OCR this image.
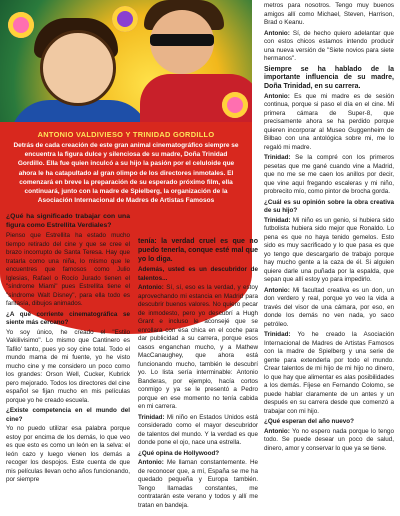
ANTONIO VALDIVIESO Y TRINIDAD GORDILLO

Detrás de cada creación de este gran animal cinematográfico siempre se encuentra la figura dulce y silenciosa de su madre, Doña Trinidad Gordillo. Ella fue quien inculcó a su hijo la pasión por el celuloide que ahora le ha catapultado al gran olimpo de los directores inmotales. El comenzará en breve la preparación de su esperado próximo film, ella continuará, junto con la madre de Spielberg, la organización de la Asociación Internacional de Madres de Artistas Famosos

¿Qué ha significado trabajar con una figura como Estrellita Verdiales?

Pienso que Estrellita ha estado mucho tiempo retirado del cine y que se cree el brazo incorrupto de Santa Teresa. Hay que tratarla como una niña, lo mismo que le encuentres que famosos como Julio Iglesias, Rafael o Rocío Jurado tienen el "síndrome Miami" pues Estrellita tiene el "síndrome Walt Disney", para ella todo es fantasía, dibujos animados.

¿A qué corriente cinematográfica se siente más cercano?

Yo soy único, he creado el "Estilo Vakilivisimo". Lo mismo que Cantinero es Tafilo' tanto, pues yo soy cine total. Todo el mundo mama de mi fuente, yo he visto mucho cine y me considero un poco como los grandes: Orson Well, Cucker, Kubrick pero mejorado. Todos los directores del cine español se fijan mucho en mis películas porque yo he creado escuela.

¿Existe competencia en el mundo del cine?

Yo no puedo utilizar esa palabra porque estoy por encima de los demás, lo que veo es que esto es como un león en la selva: el león cazo y luego vienen los demás a recoger los despojos. Este cuenta de que mis películas llevan ocho años funcionando, por siempre

tenía: la verdad cruel es que no puedo tenerla, conque esté mal que yo lo diga.

Además, usted es un descubridor de talentos...

Antonio: Sí, sí, eso es la verdad, y estoy aprovechando mi estancia en Madrid para descubrir buenos valores. No quiero pecar de inmodesto, pero yo descubrí a Hugh Grant e incluso le aconsejé que se enrollara con esa chica en el coche para dar publicidad a su carrera, porque esos casos enganchan mucho, y a Mathew MacCanaughey, que ahora está funcionando mucho, también le descubrí yo. Lo lista sería interminable: Antonio Banderas, por ejemplo, hacía cortos conmigo y ya se le presentó a Pedro porque en ese momento no tenía cabida en mi carrera.

Trinidad: Mi niño en Estados Unidos está considerado como el mayor descubridor de talentos del mundo. Y la verdad es que donde pone el ojo, nace una estrella.

¿Qué opina de Hollywood?

Antonio: Me llaman constantemente. He de reconocer que, a mí, España se me ha quedado pequeña y Europa también. Tengo llamadas constantes, me contratarán este verano y todos y allí me tratan en bandeja.

metros para nosotros. Tengo muy buenos amigos allí como Michael, Steven, Harrison, Brad o Keanu.

Antonio: Sí, de hecho quiero adelantar que con estos chicos estamos intendo producir una nueva versión de "Siete novios para siete hermanos".

Siempre se ha hablado de la importante influencia de su madre, Doña Trinidad, en su carrera.

Antonio: Es que mi madre es de sesión continua, porque si paso el día en el cine. Mi primera cámara de Super-8, que precisamente ahora se ha perdido porque quieren incorporar al Museo Guggenheim de Bilbao con una antológica sobre mi, me lo regaló mi madre.

Trinidad: Se la compré con los primeros pesetas que me gané cuando vine a Madrid, que no me se me caen los anillos por decir, que vine aquí fregando escaleras y mi niño, probrecito mío, como pintor de brocha gorda.

¿Cuál es su opinión sobre la obra creativa de su hijo?

Trinidad: Mi niño es un genio, si hubiera sido futbolista hubiera sido mejor que Ronaldo. Lo pena es que no haya tenido gemelos. Esto sido es muy sacrificado y lo que pasa es que yo tengo que descargarlo de trabajo porque hay mucho gente a la caza de él. Si alguien quiere darle una puñada por la espalda, que sepan que allí estoy yo para impedirlo.

Antonio: Mi facultad creativa es un don, un don verdero y real, porque yo veo la vida a través del visor de una cámara, por eso, en donde los demás no ven nada, yo saco petróleo.

Trinidad: Yo he creado la Asociación Internacional de Madres de Artistas Famosos con la madre de Spielberg y una serie de gente para extenderla por todo el mundo. Crear talentos de mi hijo de mi hijo no dinero, lo que hay que alimentar es alas posibilidades a los demás. Fíjese en Fernando Colomo, se puede hablar claramente de un antes y un después en su carrera desde que comenzó a trabajar con mi hijo.

¿Qué esperan del año nuevo?

Antonio: Yo no espero nada porque lo tengo todo. Se puede desear un poco de salud, dinero, amor y conservar lo que ya se tiene.
